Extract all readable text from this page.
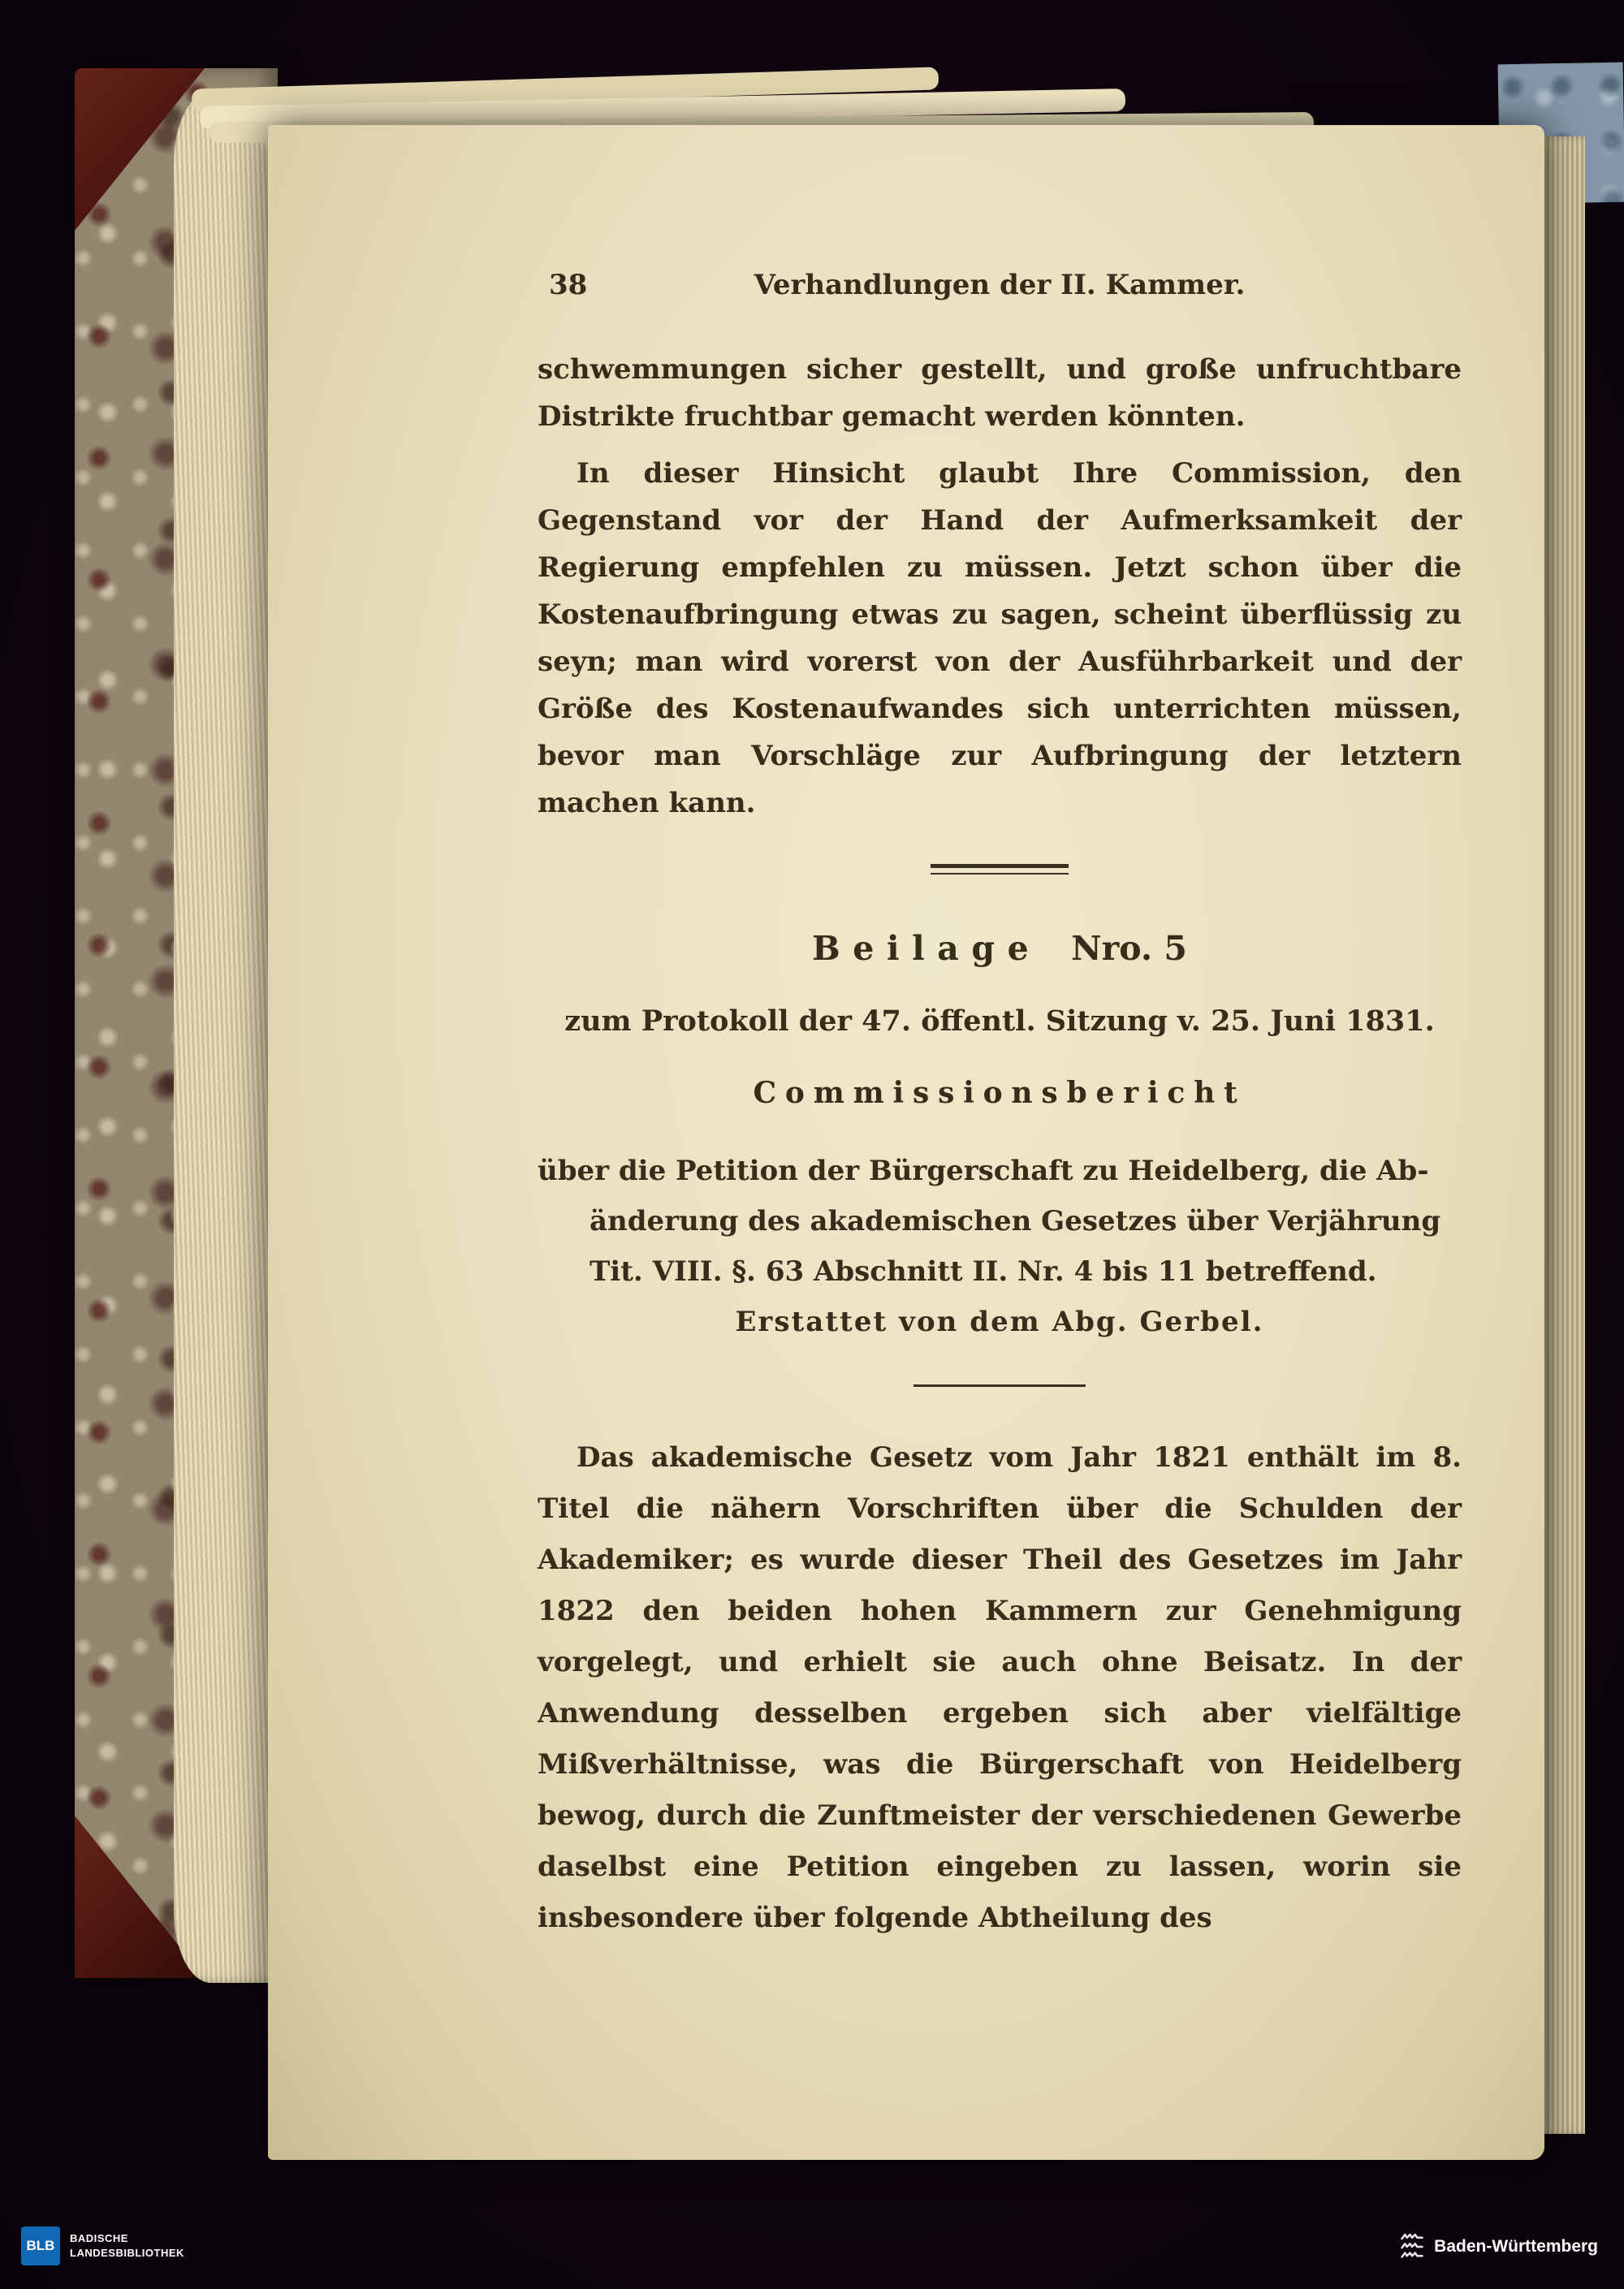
38	Verhandlungen der II. Kammer.

schwemmungen sicher gestellt, und große unfruchtbare Distrikte fruchtbar gemacht werden könnten.

In dieser Hinsicht glaubt Ihre Commission, den Gegenstand vor der Hand der Aufmerksamkeit der Regierung empfehlen zu müssen. Jetzt schon über die Kostenaufbringung etwas zu sagen, scheint überflüssig zu seyn; man wird vorerst von der Ausführbarkeit und der Größe des Kostenaufwandes sich unterrichten müssen, bevor man Vorschläge zur Aufbringung der letztern machen kann.

Beilage Nro. 5
zum Protokoll der 47. öffentl. Sitzung v. 25. Juni 1831.
Commissionsbericht
über die Petition der Bürgerschaft zu Heidelberg, die Ab-
änderung des akademischen Gesetzes über Verjährung
Tit. VIII. §. 63 Abschnitt II. Nr. 4 bis 11 betreffend.
Erstattet von dem Abg. Gerbel.

Das akademische Gesetz vom Jahr 1821 enthält im 8. Titel die nähern Vorschriften über die Schulden der Akademiker; es wurde dieser Theil des Gesetzes im Jahr 1822 den beiden hohen Kammern zur Genehmigung vorgelegt, und erhielt sie auch ohne Beisatz. In der Anwendung desselben ergeben sich aber vielfältige Mißverhältnisse, was die Bürgerschaft von Heidelberg bewog, durch die Zunftmeister der verschiedenen Gewerbe daselbst eine Petition eingeben zu lassen, worin sie insbesondere über folgende Abtheilung des

BLB	BADISCHE
LANDESBIBLIOTHEK	Baden-Württemberg
